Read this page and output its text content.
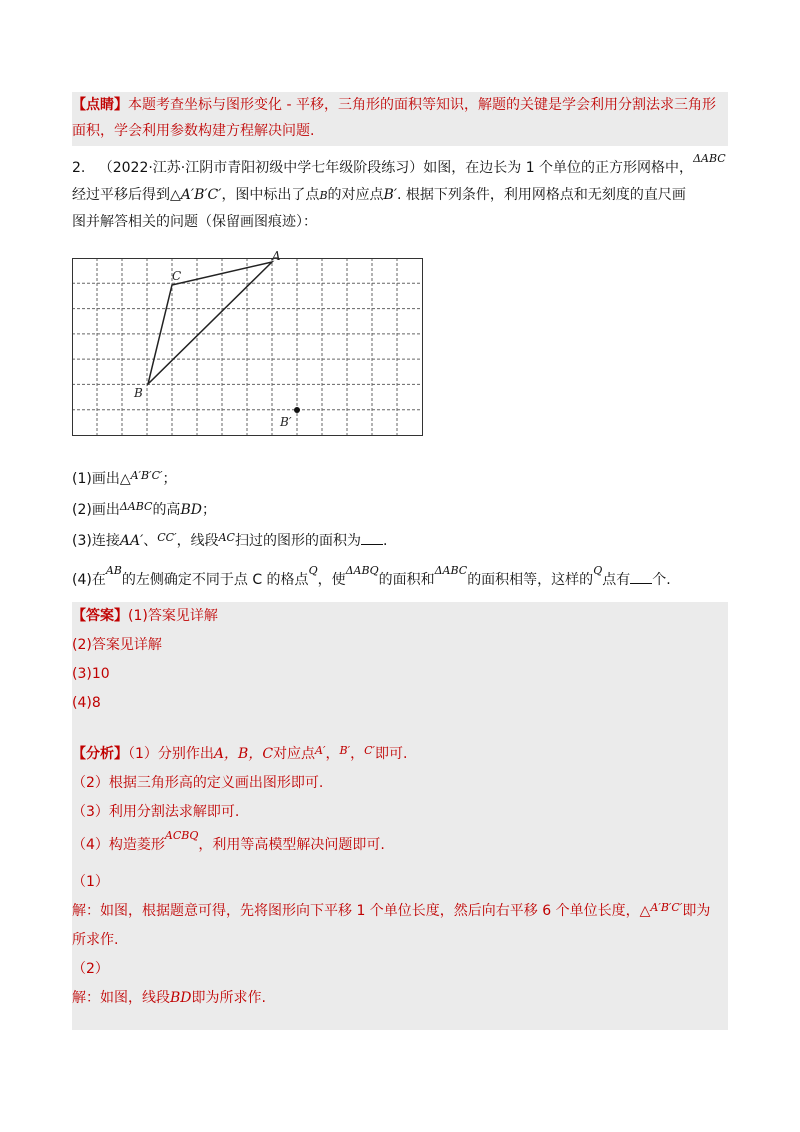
【点睛】本题考查坐标与图形变化 - 平移，三角形的面积等知识，解题的关键是学会利用分割法求三角形
面积，学会利用参数构建方程解决问题.
2. （2022·江苏·江阴市青阳初级中学七年级阶段练习）如图，在边长为 1 个单位的正方形网格中，$^{\Delta ABC}$
经过平移后得到△A′B′C′，图中标出了点B的对应点B′. 根据下列条件，利用网格点和无刻度的直尺画
图并解答相关的问题（保留画图痕迹）：
A
C
B
B′
(1)画出△$^{A'B'C'}$；
(2)画出$^{\Delta ABC}$的高BD；
(3)连接AA′、$^{CC'}$，线段$^{AC}$扫过的图形的面积为 .
(4)在$^{AB}$的左侧确定不同于点 C 的格点$^Q$，使$^{\Delta ABQ}$的面积和$^{\Delta ABC}$的面积相等，这样的$^Q$点有 个.
【答案】(1)答案见详解
(2)答案见详解
(3)10
(4)8
【分析】（1）分别作出A，B，C对应点$^{A'}$，$^{B'}$，$^{C'}$即可.
（2）根据三角形高的定义画出图形即可.
（3）利用分割法求解即可.
（4）构造菱形$^{ACBQ}$，利用等高模型解决问题即可.
（1）
解：如图，根据题意可得，先将图形向下平移 1 个单位长度，然后向右平移 6 个单位长度，△$^{A'B'C'}$即为
所求作.
（2）
解：如图，线段BD即为所求作.
